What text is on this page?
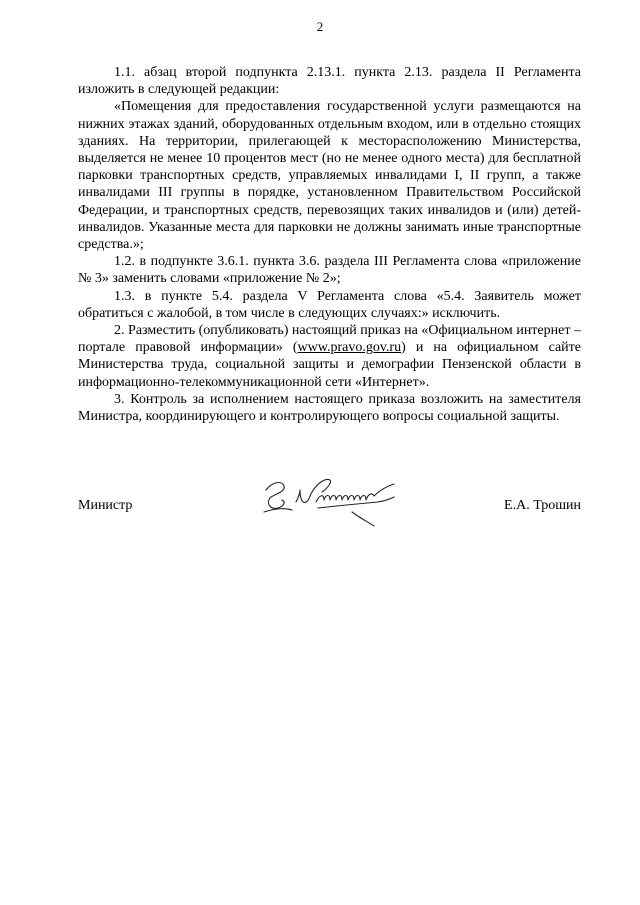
2

1.1. абзац второй подпункта 2.13.1. пункта 2.13. раздела II Регламента изложить в следующей редакции:

«Помещения для предоставления государственной услуги размещаются на нижних этажах зданий, оборудованных отдельным входом, или в отдельно стоящих зданиях. На территории, прилегающей к месторасположению Министерства, выделяется не менее 10 процентов мест (но не менее одного места) для бесплатной парковки транспортных средств, управляемых инвалидами I, II групп, а также инвалидами III группы в порядке, установленном Правительством Российской Федерации, и транспортных средств, перевозящих таких инвалидов и (или) детей-инвалидов. Указанные места для парковки не должны занимать иные транспортные средства.»;

1.2. в подпункте 3.6.1. пункта 3.6. раздела III Регламента слова «приложение № 3» заменить словами «приложение № 2»;

1.3. в пункте 5.4. раздела V Регламента слова «5.4. Заявитель может обратиться с жалобой, в том числе в следующих случаях:» исключить.

2. Разместить (опубликовать) настоящий приказ на «Официальном интернет – портале правовой информации» (www.pravo.gov.ru) и на официальном сайте Министерства труда, социальной защиты и демографии Пензенской области в информационно-телекоммуникационной сети «Интернет».

3. Контроль за исполнением настоящего приказа возложить на заместителя Министра, координирующего и контролирующего вопросы социальной защиты.

Министр	Е.А. Трошин
